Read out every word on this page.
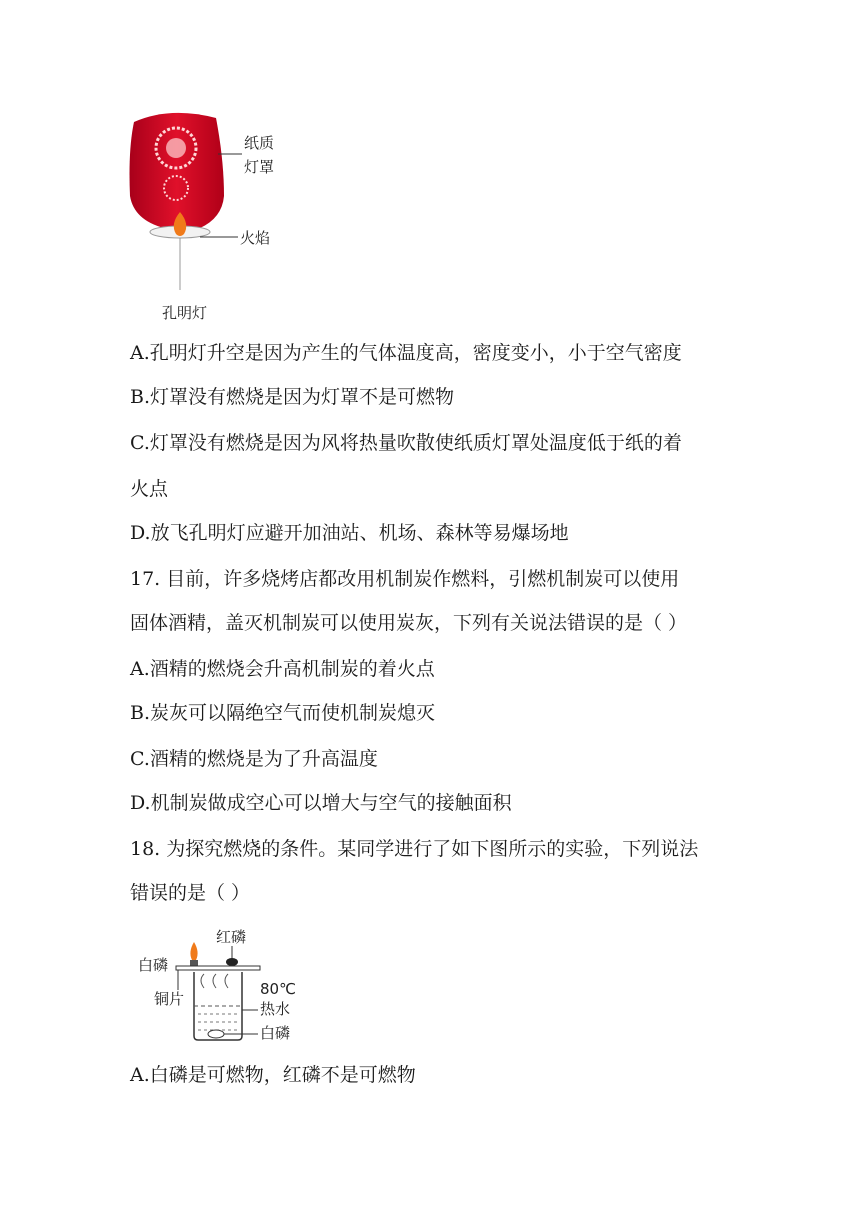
纸质
灯罩
火焰
孔明灯
A.孔明灯升空是因为产生的气体温度高，密度变小，小于空气密度
B.灯罩没有燃烧是因为灯罩不是可燃物
C.灯罩没有燃烧是因为风将热量吹散使纸质灯罩处温度低于纸的着
火点
D.放飞孔明灯应避开加油站、机场、森林等易爆场地
17. 目前，许多烧烤店都改用机制炭作燃料，引燃机制炭可以使用
固体酒精，盖灭机制炭可以使用炭灰，下列有关说法错误的是（ ）
A.酒精的燃烧会升高机制炭的着火点
B.炭灰可以隔绝空气而使机制炭熄灭
C.酒精的燃烧是为了升高温度
D.机制炭做成空心可以增大与空气的接触面积
18. 为探究燃烧的条件。某同学进行了如下图所示的实验，下列说法
错误的是（ ）
红磷
白磷
铜片
80℃
热水
白磷
A.白磷是可燃物，红磷不是可燃物
